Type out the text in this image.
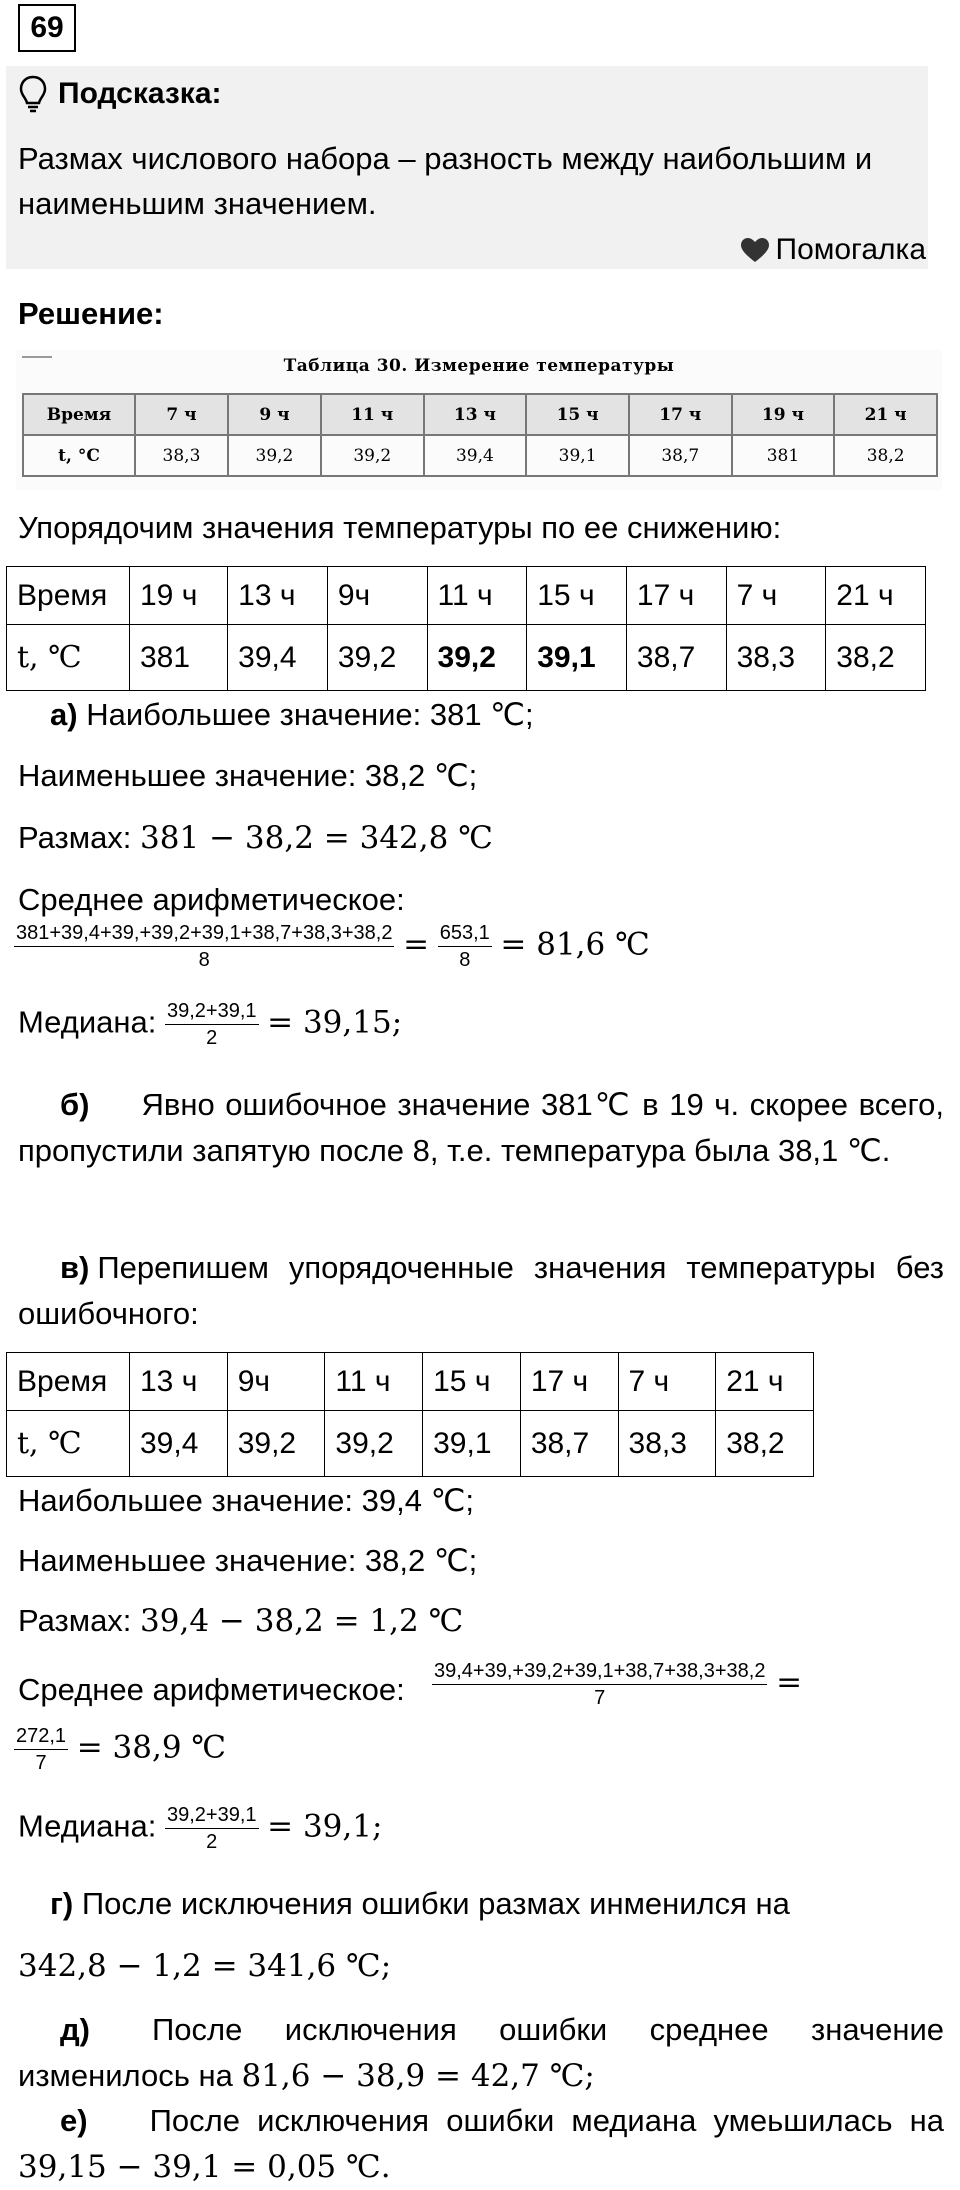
69
Подсказка:
Размах числового набора – разность между наибольшим и
наименьшим значением.
Помогалка
Решение:
Таблица 30. Измерение температуры
Время	7 ч	9 ч	11 ч	13 ч	15 ч	17 ч	19 ч	21 ч
t, °C	38,3	39,2	39,2	39,4	39,1	38,7	381	38,2
Упорядочим значения температуры по ее снижению:
Время	19 ч	13 ч	9ч	11 ч	15 ч	17 ч	7 ч	21 ч
t, ℃	381	39,4	39,2	39,2	39,1	38,7	38,3	38,2
а) Наибольшее значение: 381 ℃;
Наименьшее значение: 38,2 ℃;
Размах: 381 − 38,2 = 342,8 ℃
Среднее арифметическое:
$\frac{381+39,4+39,+39,2+39,1+38,7+38,3+38,2}{8} = \frac{653,1}{8} = 81,6$ ℃
Медиана: $\frac{39,2+39,1}{2} = 39,15$;
б) Явно ошибочное значение 381℃ в 19 ч. скорее всего, пропустили запятую после 8, т.е. температура была 38,1 ℃.
в) Перепишем упорядоченные значения температуры без ошибочного:
Время	13 ч	9ч	11 ч	15 ч	17 ч	7 ч	21 ч
t, ℃	39,4	39,2	39,2	39,1	38,7	38,3	38,2
Наибольшее значение: 39,4 ℃;
Наименьшее значение: 38,2 ℃;
Размах: 39,4 − 38,2 = 1,2 ℃
Среднее арифметическое: $\frac{39,4+39,+39,2+39,1+38,7+38,3+38,2}{7}$ =
$\frac{272,1}{7} = 38,9$ ℃
Медиана: $\frac{39,2+39,1}{2} = 39,1$;
г) После исключения ошибки размах инменился на
342,8 − 1,2 = 341,6 ℃;
д) После исключения ошибки среднее значение изменилось на 81,6 − 38,9 = 42,7 ℃;
е) После исключения ошибки медиана умеьшилась на 39,15 − 39,1 = 0,05 ℃.
